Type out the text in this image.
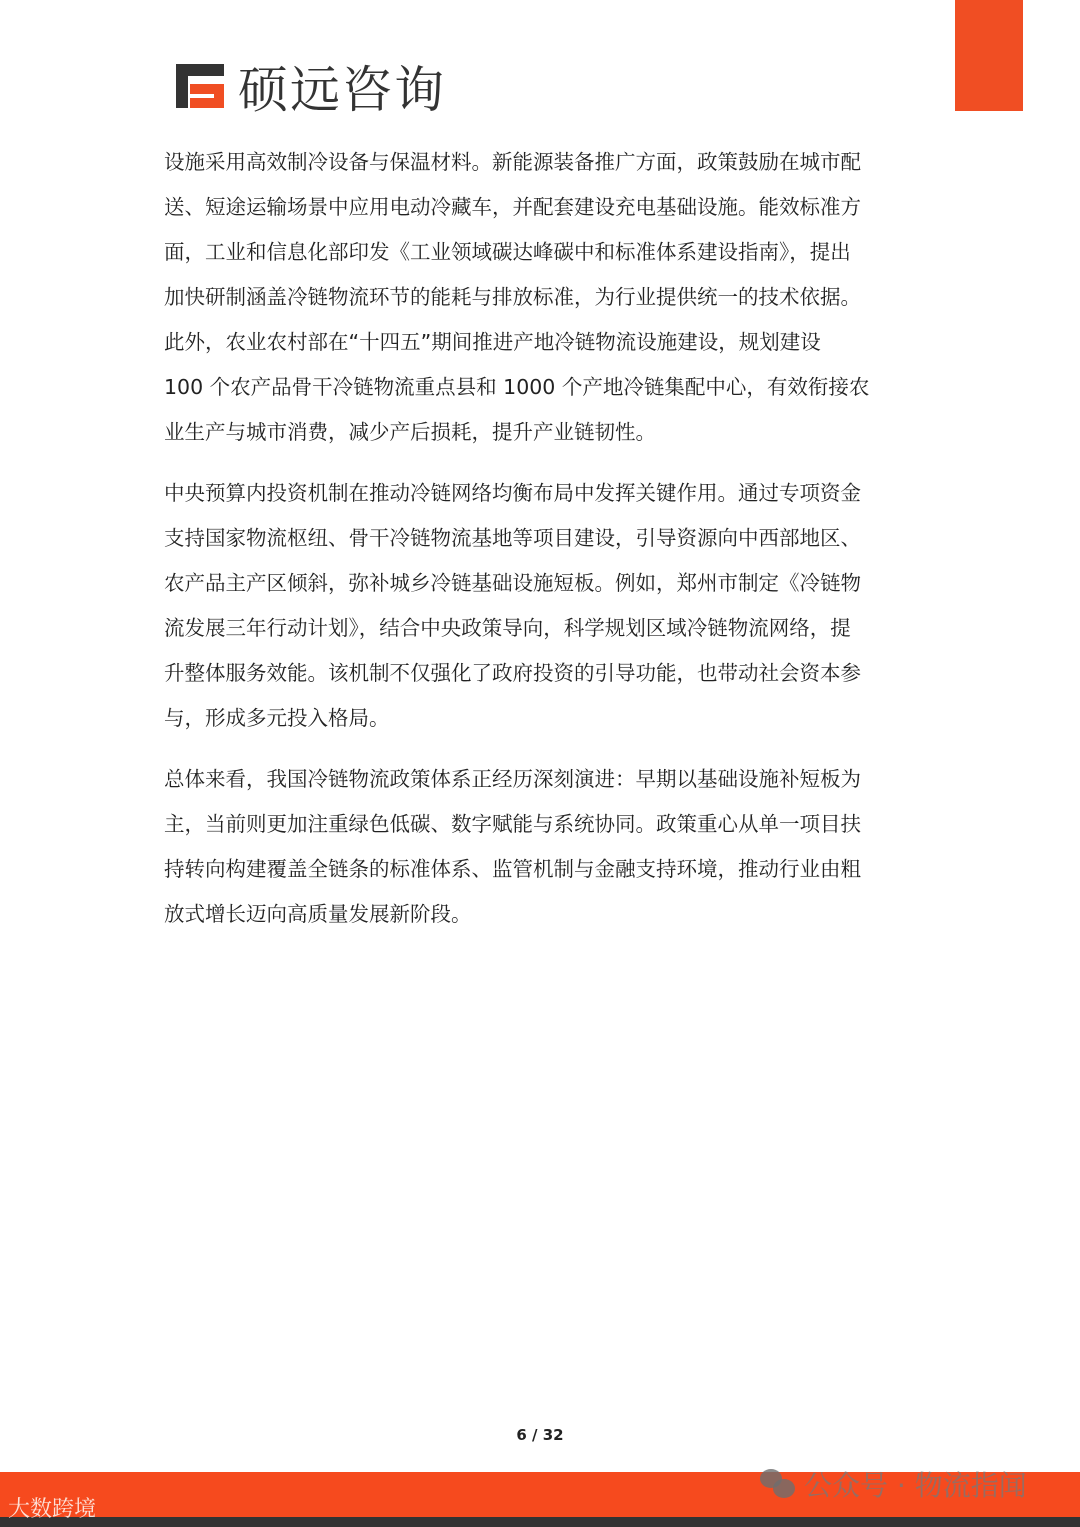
硕远咨询

设施采用高效制冷设备与保温材料。新能源装备推广方面，政策鼓励在城市配
送、短途运输场景中应用电动冷藏车，并配套建设充电基础设施。能效标准方
面，工业和信息化部印发《工业领域碳达峰碳中和标准体系建设指南》，提出
加快研制涵盖冷链物流环节的能耗与排放标准，为行业提供统一的技术依据。
此外，农业农村部在“十四五”期间推进产地冷链物流设施建设，规划建设
100 个农产品骨干冷链物流重点县和 1000 个产地冷链集配中心，有效衔接农
业生产与城市消费，减少产后损耗，提升产业链韧性。

中央预算内投资机制在推动冷链网络均衡布局中发挥关键作用。通过专项资金
支持国家物流枢纽、骨干冷链物流基地等项目建设，引导资源向中西部地区、
农产品主产区倾斜，弥补城乡冷链基础设施短板。例如，郑州市制定《冷链物
流发展三年行动计划》，结合中央政策导向，科学规划区域冷链物流网络，提
升整体服务效能。该机制不仅强化了政府投资的引导功能，也带动社会资本参
与，形成多元投入格局。

总体来看，我国冷链物流政策体系正经历深刻演进：早期以基础设施补短板为
主，当前则更加注重绿色低碳、数字赋能与系统协同。政策重心从单一项目扶
持转向构建覆盖全链条的标准体系、监管机制与金融支持环境，推动行业由粗
放式增长迈向高质量发展新阶段。

6 / 32
大数跨境
公众号 · 物流指闻
